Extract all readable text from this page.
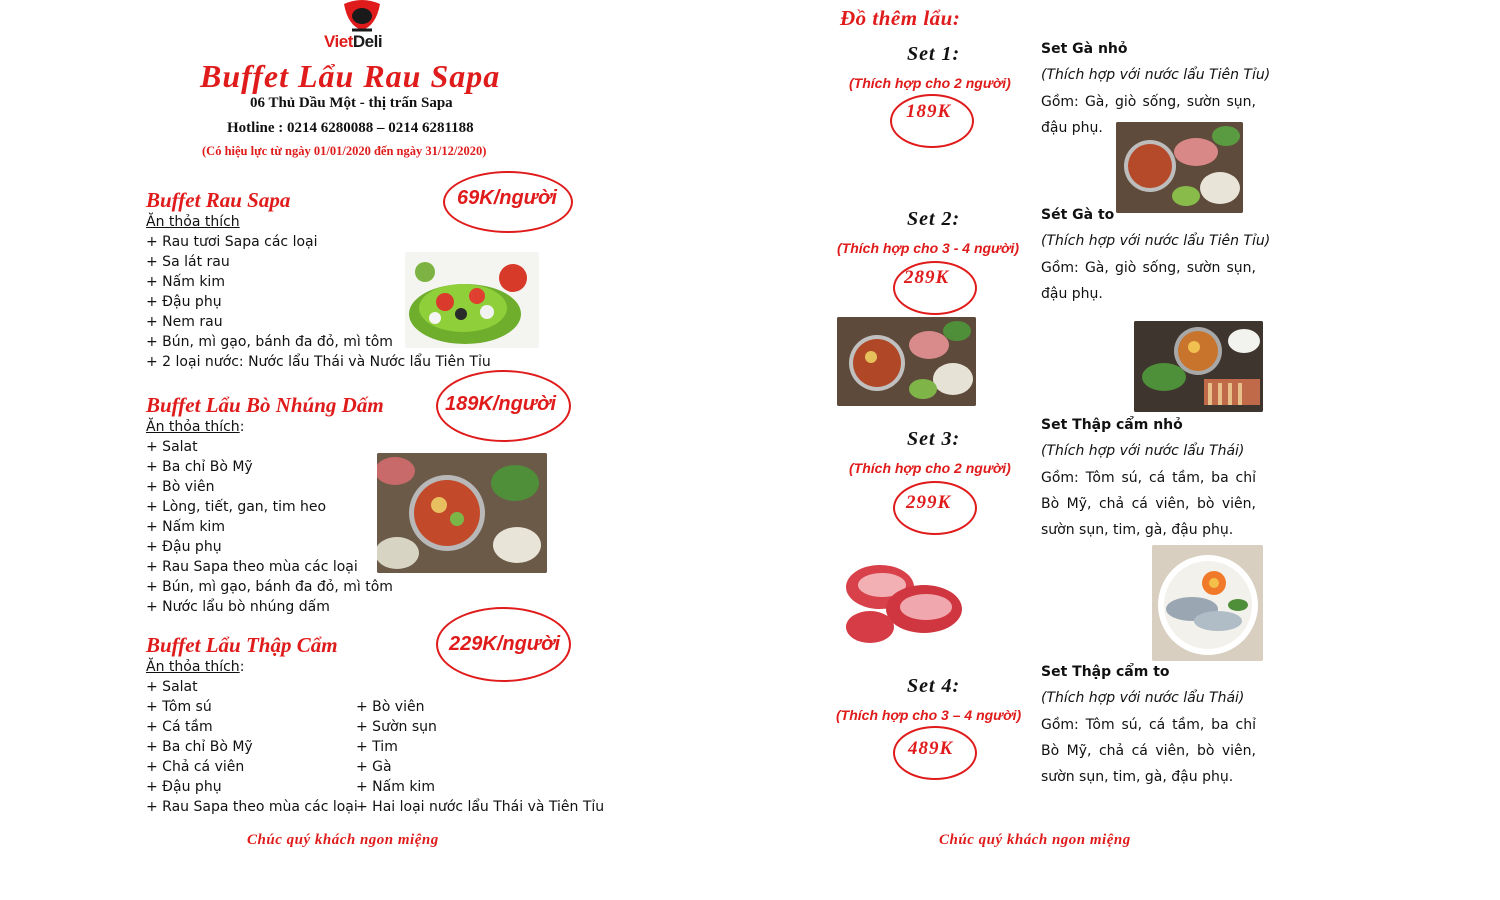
VietDeli
Buffet Lẩu Rau Sapa
06 Thủ Dầu Một - thị trấn Sapa
Hotline : 0214 6280088 – 0214 6281188
(Có hiệu lực từ ngày 01/01/2020 đến ngày 31/12/2020)
Buffet Rau Sapa	69K/người
Ăn thỏa thích
+ Rau tươi Sapa các loại
+ Sa lát rau
+ Nấm kim
+ Đậu phụ
+ Nem rau
+ Bún, mì gạo, bánh đa đỏ, mì tôm
+ 2 loại nước: Nước lẩu Thái và Nước lẩu Tiên Tỉu
Buffet Lẩu Bò Nhúng Dấm	189K/người
Ăn thỏa thích:
+ Salat
+ Ba chỉ Bò Mỹ
+ Bò viên
+ Lòng, tiết, gan, tim heo
+ Nấm kim
+ Đậu phụ
+ Rau Sapa theo mùa các loại
+ Bún, mì gạo, bánh đa đỏ, mì tôm
+ Nước lẩu bò nhúng dấm
Buffet Lẩu Thập Cẩm	229K/người
Ăn thỏa thích:
+ Salat
+ Tôm sú
+ Cá tầm
+ Ba chỉ Bò Mỹ
+ Chả cá viên
+ Đậu phụ
+ Rau Sapa theo mùa các loại
+ Bò viên
+ Sườn sụn
+ Tim
+ Gà
+ Nấm kim
+ Hai loại nước lẩu Thái và Tiên Tỉu
Chúc quý khách ngon miệng
Đồ thêm lẩu:
Set 1:
(Thích hợp cho 2 người)
189K
Set 2:
(Thích hợp cho 3 - 4 người)
289K
Set 3:
(Thích hợp cho 2 người)
299K
Set 4:
(Thích hợp cho 3 – 4 người)
489K
Set Gà nhỏ
(Thích hợp với nước lẩu Tiên Tỉu)
Gồm: Gà, giò sống, sườn sụn, đậu phụ.
Sét Gà to
(Thích hợp với nước lẩu Tiên Tỉu)
Gồm: Gà, giò sống, sườn sụn, đậu phụ.
Set Thập cẩm nhỏ
(Thích hợp với nước lẩu Thái)
Gồm: Tôm sú, cá tầm, ba chỉ Bò Mỹ, chả cá viên, bò viên, sườn sụn, tim, gà, đậu phụ.
Set Thập cẩm to
(Thích hợp với nước lẩu Thái)
Gồm: Tôm sú, cá tầm, ba chỉ Bò Mỹ, chả cá viên, bò viên, sườn sụn, tim, gà, đậu phụ.
Chúc quý khách ngon miệng
